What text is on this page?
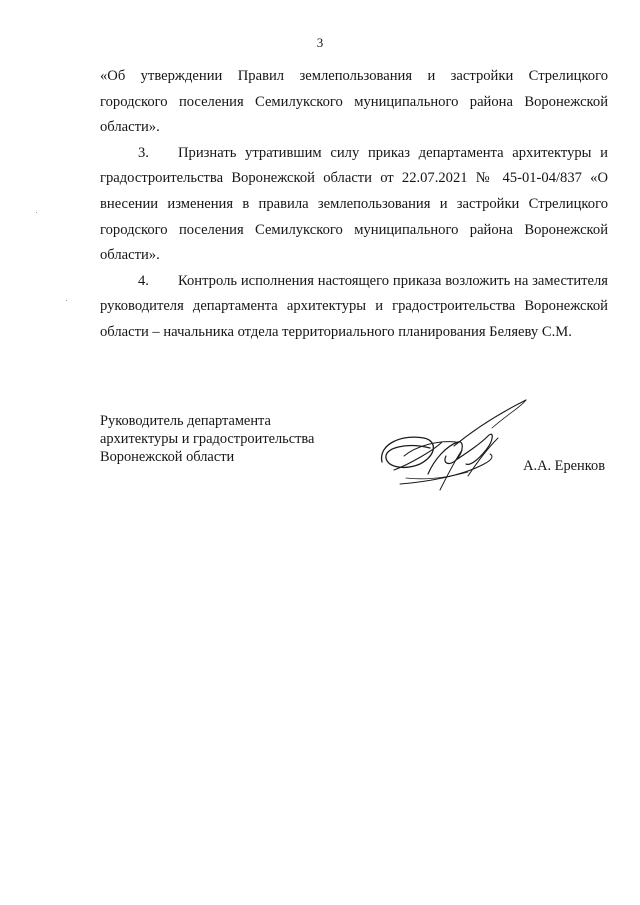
3

«Об утверждении Правил землепользования и застройки Стрелицкого городского поселения Семилукского муниципального района Воронежской области».

3. Признать утратившим силу приказ департамента архитектуры и градостроительства Воронежской области от 22.07.2021 № 45-01-04/837 «О внесении изменения в правила землепользования и застройки Стрелицкого городского поселения Семилукского муниципального района Воронежской области».

4. Контроль исполнения настоящего приказа возложить на заместителя руководителя департамента архитектуры и градостроительства Воронежской области – начальника отдела территориального планирования Беляеву С.М.

Руководитель департамента
архитектуры и градостроительства
Воронежской области
А.А. Еренков
